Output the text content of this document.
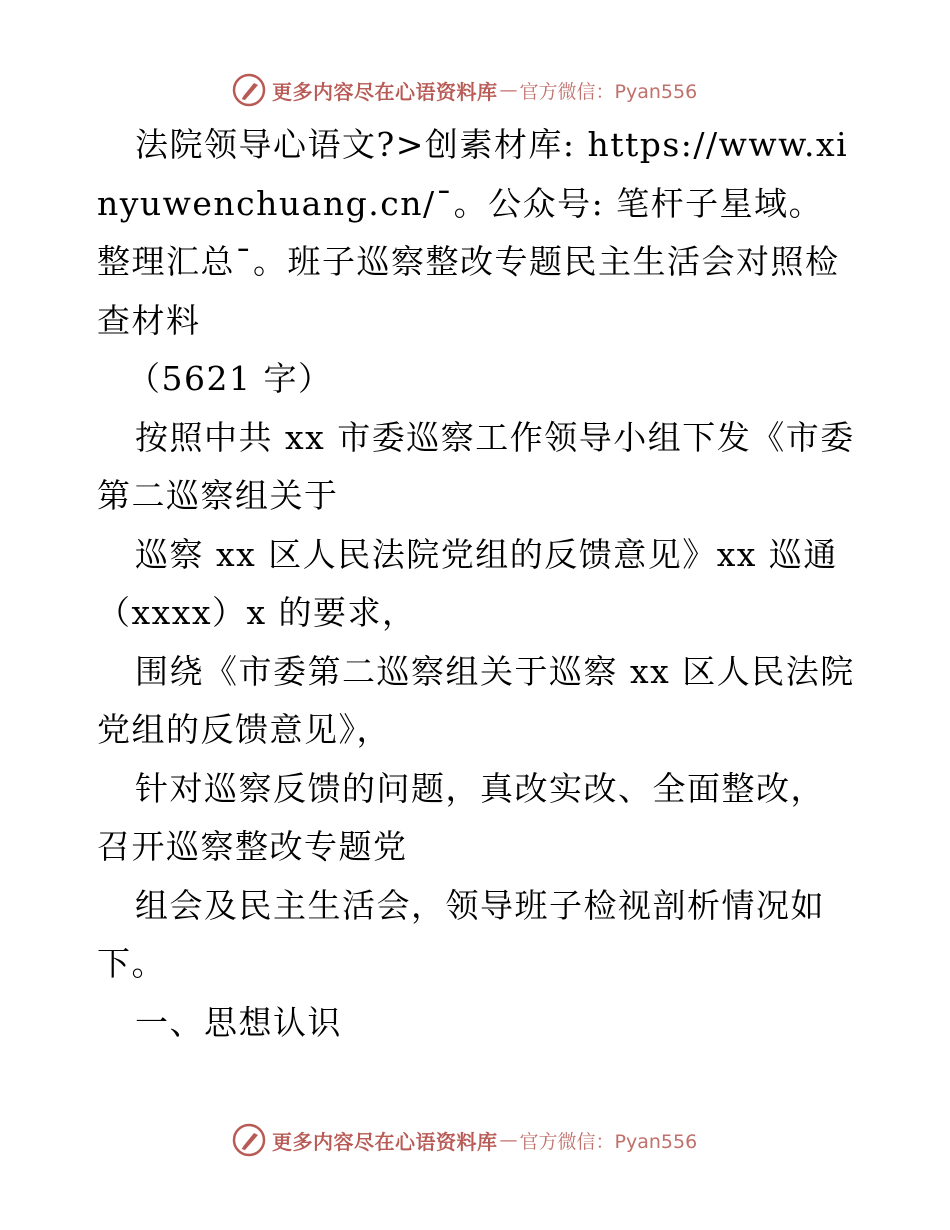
更多内容尽在心语资料库 — 官方微信：Pyan556

法院领导心语文?>创素材库: https://www.xinyuwenchuang.cn/¯。公众号: 笔杆子星域。整理汇总¯。班子巡察整改专题民主生活会对照检查材料

（5621 字）

按照中共 xx 市委巡察工作领导小组下发《市委第二巡察组关于

巡察 xx 区人民法院党组的反馈意见》xx 巡通（xxxx）x 的要求，

围绕《市委第二巡察组关于巡察 xx 区人民法院党组的反馈意见》，

针对巡察反馈的问题，真改实改、全面整改，召开巡察整改专题党

组会及民主生活会，领导班子检视剖析情况如下。

一、思想认识

更多内容尽在心语资料库 — 官方微信：Pyan556
